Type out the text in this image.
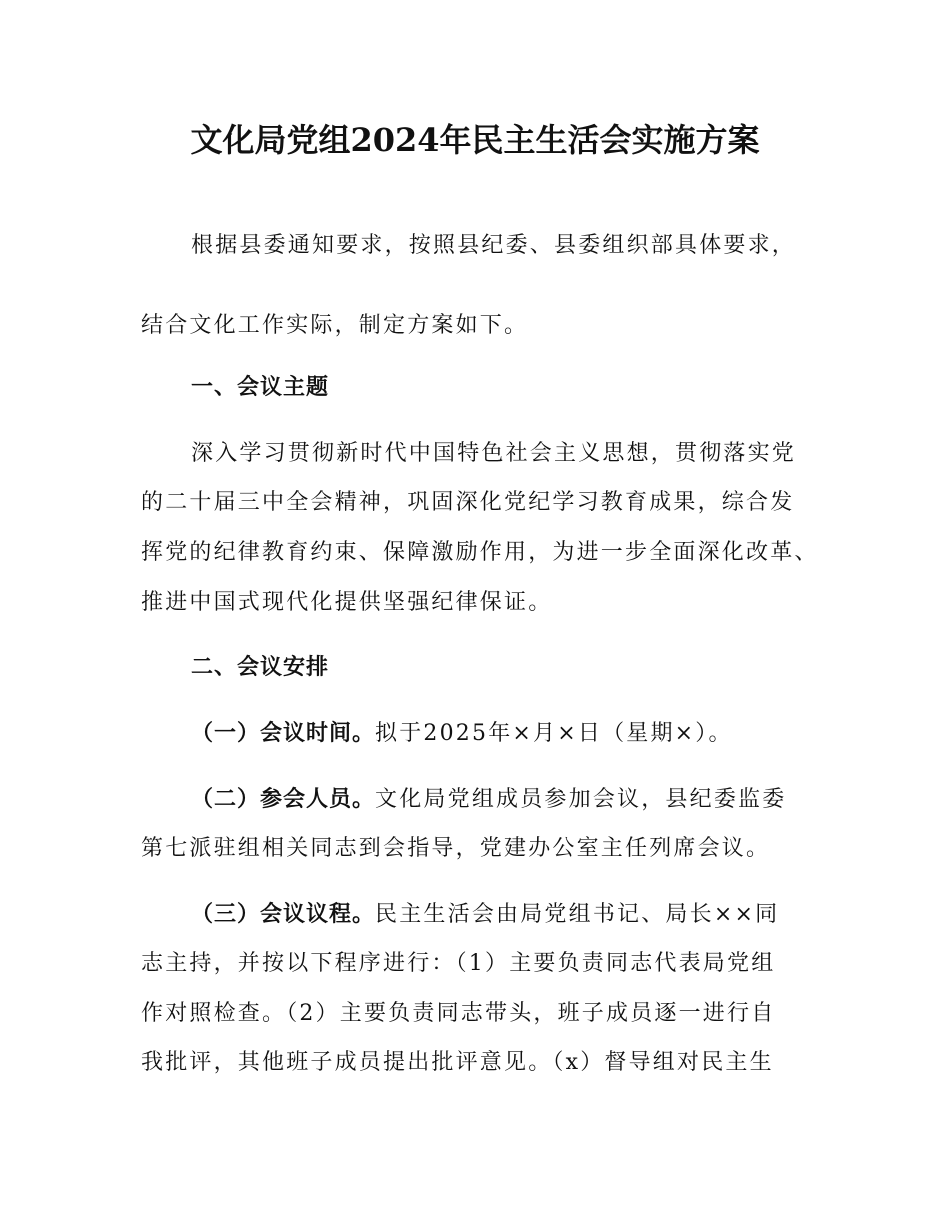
文化局党组2024年民主生活会实施方案

根据县委通知要求，按照县纪委、县委组织部具体要求，

结合文化工作实际，制定方案如下。

一、会议主题

深入学习贯彻新时代中国特色社会主义思想，贯彻落实党

的二十届三中全会精神，巩固深化党纪学习教育成果，综合发

挥党的纪律教育约束、保障激励作用，为进一步全面深化改革、

推进中国式现代化提供坚强纪律保证。

二、会议安排

（一）会议时间。拟于2025年×月×日（星期×）。

（二）参会人员。文化局党组成员参加会议，县纪委监委

第七派驻组相关同志到会指导，党建办公室主任列席会议。

（三）会议议程。民主生活会由局党组书记、局长××同

志主持，并按以下程序进行：（1）主要负责同志代表局党组

作对照检查。（2）主要负责同志带头，班子成员逐一进行自

我批评，其他班子成员提出批评意见。（x）督导组对民主生
